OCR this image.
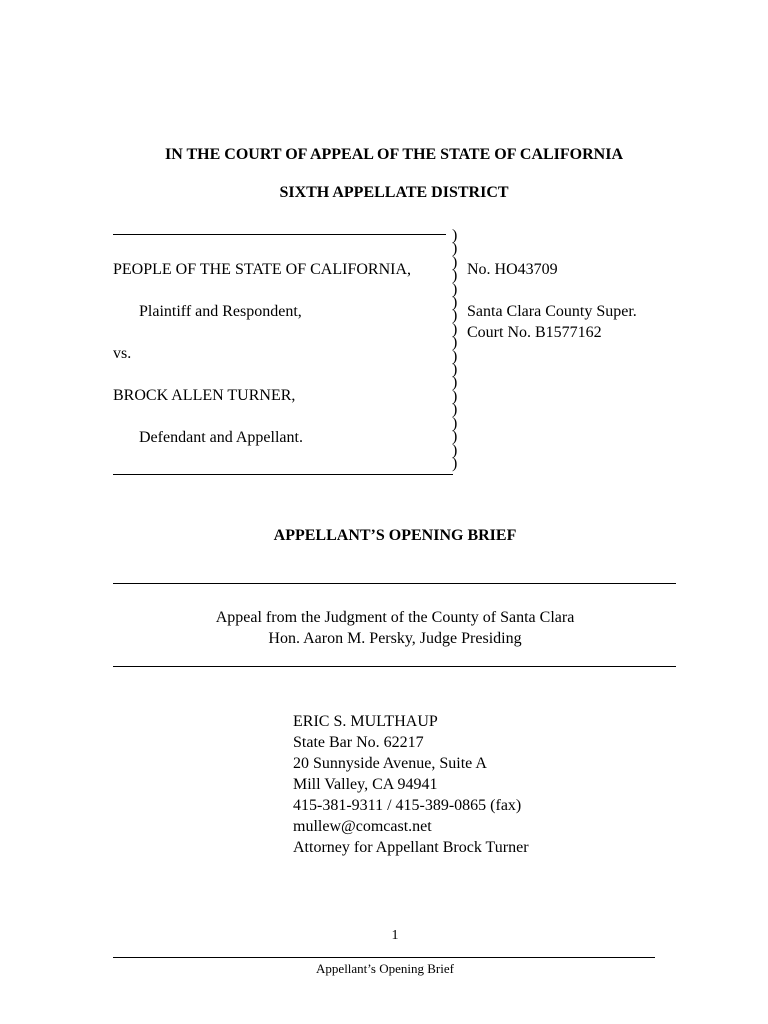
IN THE COURT OF APPEAL OF THE STATE OF CALIFORNIA
SIXTH APPELLATE DISTRICT
)
)
)
)
)
)
)
)
)
)
)
)
)
)
)
)
)
)
PEOPLE OF THE STATE OF CALIFORNIA,
Plaintiff and Respondent,
vs.
BROCK ALLEN TURNER,
Defendant and Appellant.
No. HO43709
Santa Clara County Super.
Court No. B1577162
APPELLANT’S OPENING BRIEF
Appeal from the Judgment of the County of Santa Clara
Hon. Aaron M. Persky, Judge Presiding
ERIC S. MULTHAUP
State Bar No. 62217
20 Sunnyside Avenue, Suite A
Mill Valley, CA 94941
415-381-9311 / 415-389-0865 (fax)
mullew@comcast.net
Attorney for Appellant Brock Turner
1
Appellant’s Opening Brief
